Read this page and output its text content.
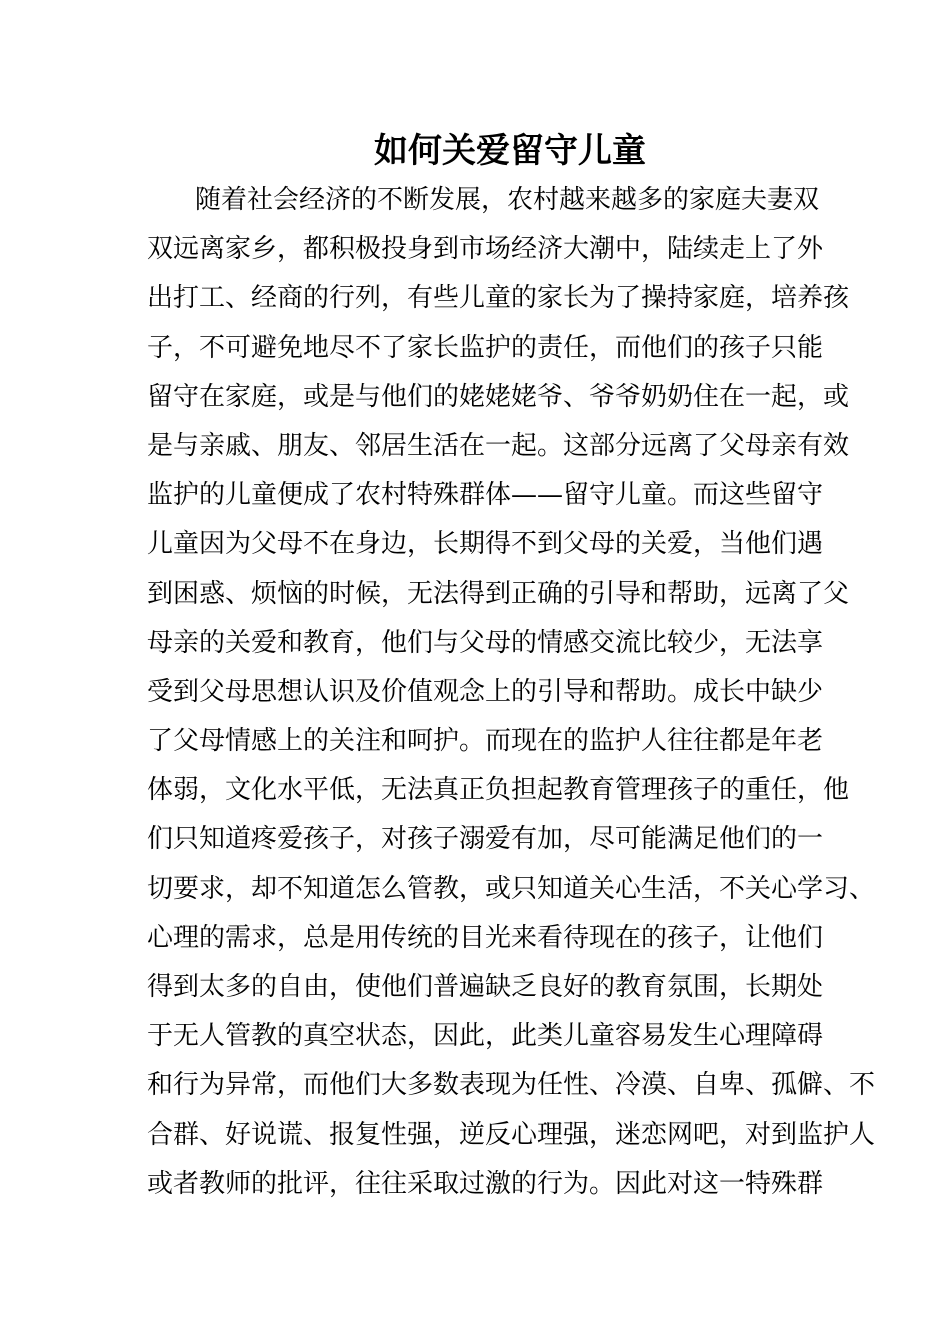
如何关爱留守儿童
随着社会经济的不断发展，农村越来越多的家庭夫妻双
双远离家乡，都积极投身到市场经济大潮中，陆续走上了外
出打工、经商的行列，有些儿童的家长为了操持家庭，培养孩
子，不可避免地尽不了家长监护的责任，而他们的孩子只能
留守在家庭，或是与他们的姥姥姥爷、爷爷奶奶住在一起，或
是与亲戚、朋友、邻居生活在一起。这部分远离了父母亲有效
监护的儿童便成了农村特殊群体——留守儿童。而这些留守
儿童因为父母不在身边，长期得不到父母的关爱，当他们遇
到困惑、烦恼的时候，无法得到正确的引导和帮助，远离了父
母亲的关爱和教育，他们与父母的情感交流比较少，无法享
受到父母思想认识及价值观念上的引导和帮助。成长中缺少
了父母情感上的关注和呵护。而现在的监护人往往都是年老
体弱，文化水平低，无法真正负担起教育管理孩子的重任，他
们只知道疼爱孩子，对孩子溺爱有加，尽可能满足他们的一
切要求，却不知道怎么管教，或只知道关心生活，不关心学习、
心理的需求，总是用传统的目光来看待现在的孩子，让他们
得到太多的自由，使他们普遍缺乏良好的教育氛围，长期处
于无人管教的真空状态，因此，此类儿童容易发生心理障碍
和行为异常，而他们大多数表现为任性、冷漠、自卑、孤僻、不
合群、好说谎、报复性强，逆反心理强，迷恋网吧，对到监护人
或者教师的批评，往往采取过激的行为。因此对这一特殊群
